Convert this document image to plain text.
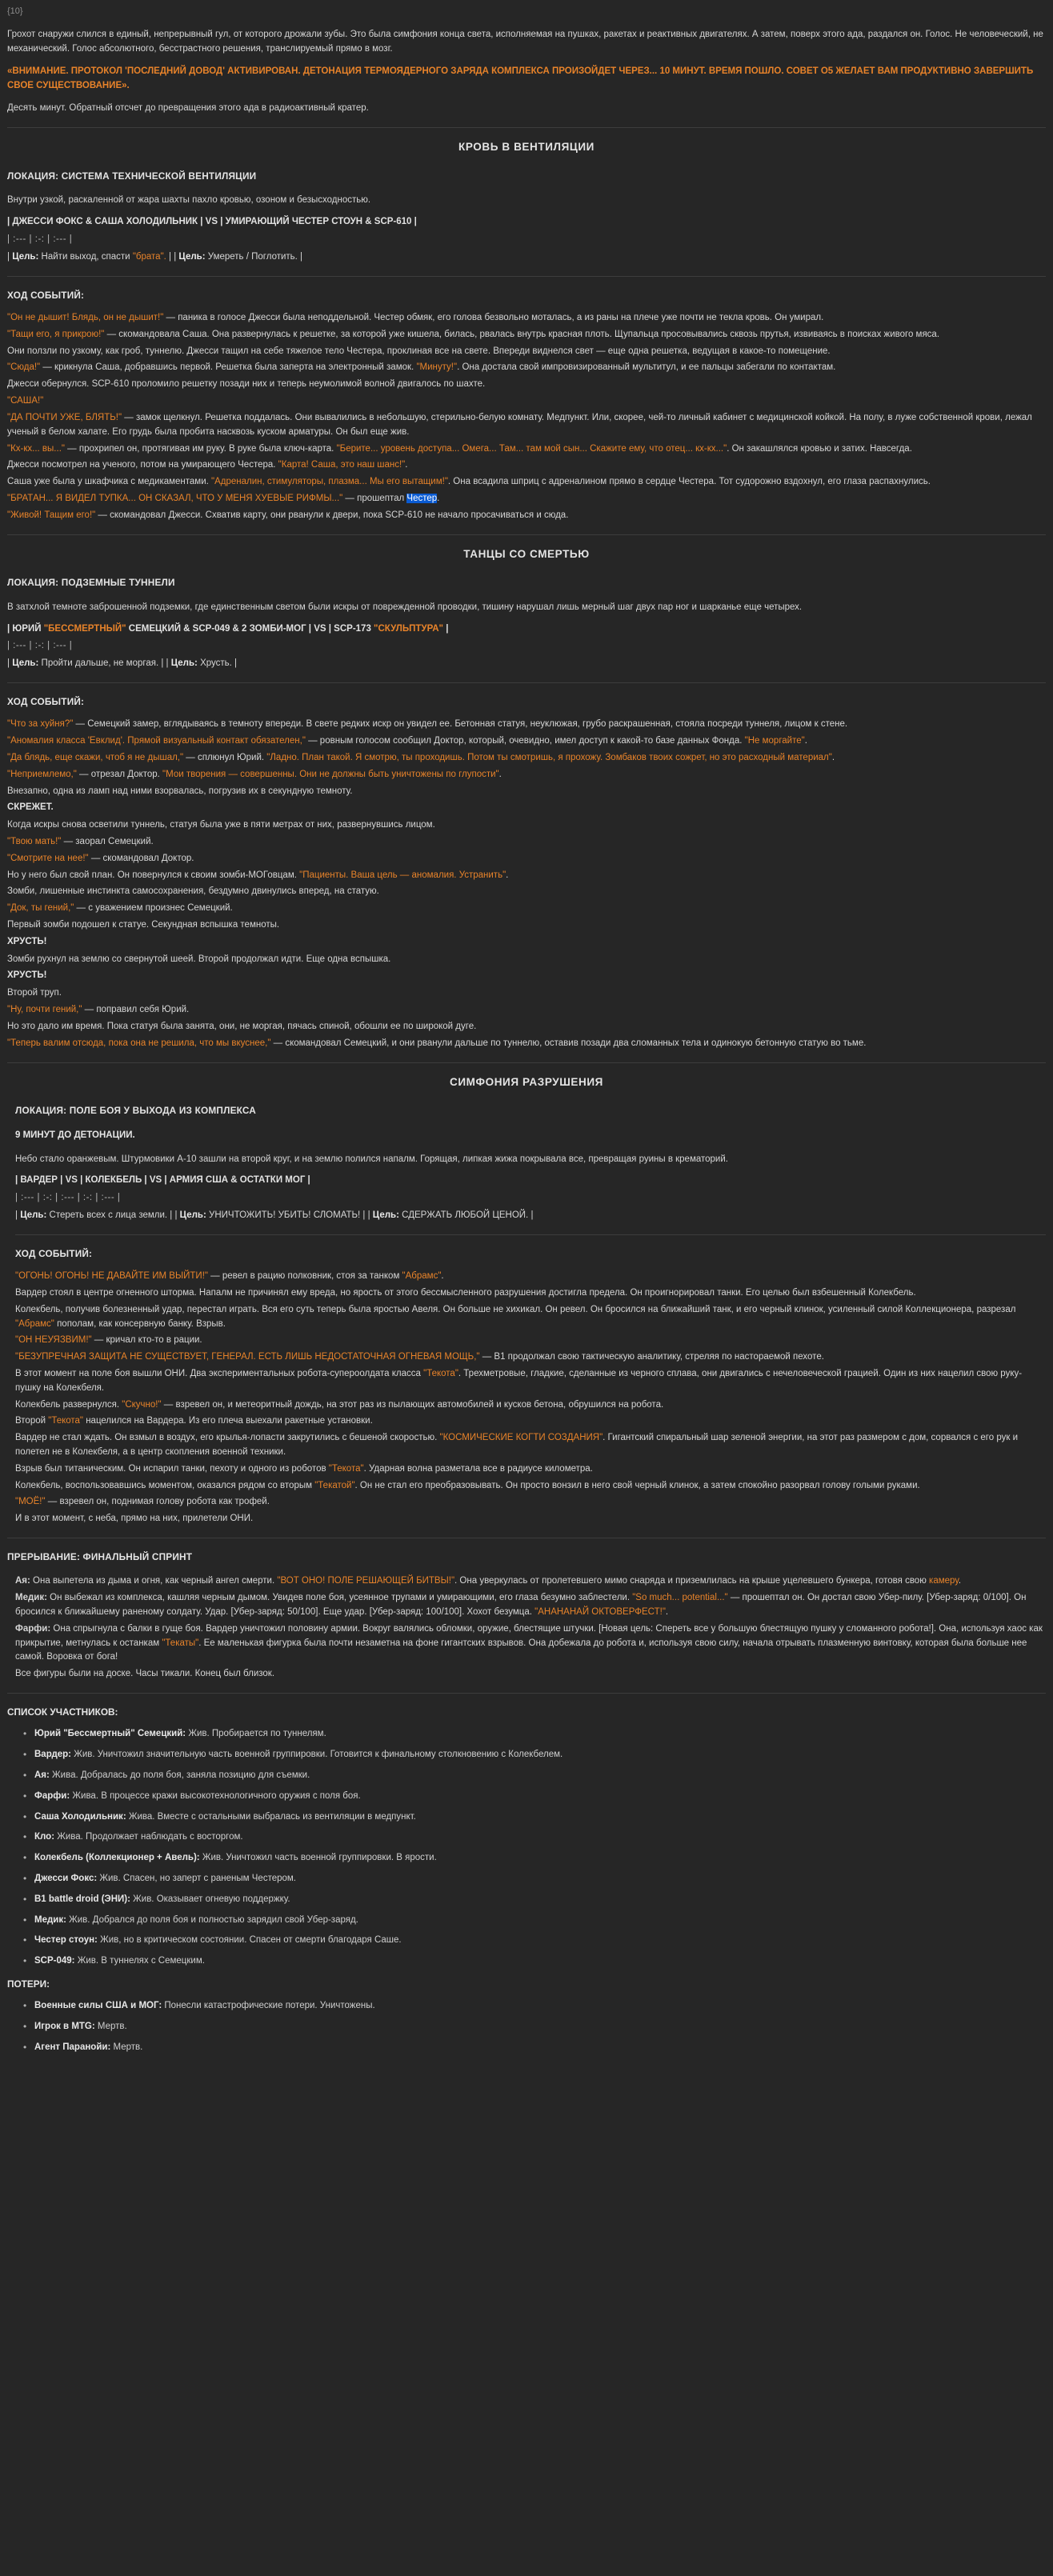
{10}

Грохот снаружи слился в единый, непрерывный гул, от которого дрожали зубы. Это была симфония конца света, исполняемая на пушках, ракетах и реактивных двигателях. А затем, поверх этого ада, раздался он. Голос. Не человеческий, не механический. Голос абсолютного, бесстрастного решения, транслируемый прямо в мозг.

«ВНИМАНИЕ. ПРОТОКОЛ 'ПОСЛЕДНИЙ ДОВОД' АКТИВИРОВАН. ДЕТОНАЦИЯ ТЕРМОЯДЕРНОГО ЗАРЯДА КОМПЛЕКСА ПРОИЗОЙДЕТ ЧЕРЕЗ... 10 МИНУТ. ВРЕМЯ ПОШЛО. СОВЕТ О5 ЖЕЛАЕТ ВАМ ПРОДУКТИВНО ЗАВЕРШИТЬ СВОЕ СУЩЕСТВОВАНИЕ».

Десять минут. Обратный отсчет до превращения этого ада в радиоактивный кратер.

КРОВЬ В ВЕНТИЛЯЦИИ
ЛОКАЦИЯ: СИСТЕМА ТЕХНИЧЕСКОЙ ВЕНТИЛЯЦИИ

Внутри узкой, раскаленной от жара шахты пахло кровью, озоном и безысходностью.

| ДЖЕССИ ФОКС & САША ХОЛОДИЛЬНИК | VS | УМИРАЮЩИЙ ЧЕСТЕР СТОУН & SCP-610 |

| :--- | :-: | :--- |

| Цель: Найти выход, спасти "брата". | | Цель: Умереть / Поглотить. |

ХОД СОБЫТИЙ:

"Он не дышит! Блядь, он не дышит!" — паника в голосе Джесси была неподдельной. Честер обмяк, его голова безвольно моталась, а из раны на плече уже почти не текла кровь. Он умирал.

"Тащи его, я прикрою!" — скомандовала Саша. Она развернулась к решетке, за которой уже кишела, билась, рвалась внутрь красная плоть. Щупальца просовывались сквозь прутья, извиваясь в поисках живого мяса.

Они ползли по узкому, как гроб, туннелю. Джесси тащил на себе тяжелое тело Честера, проклиная все на свете. Впереди виднелся свет — еще одна решетка, ведущая в какое-то помещение.

"Сюда!" — крикнула Саша, добравшись первой. Решетка была заперта на электронный замок. "Минуту!". Она достала свой импровизированный мультитул, и ее пальцы забегали по контактам.

Джесси обернулся. SCP-610 проломило решетку позади них и теперь неумолимой волной двигалось по шахте.

"САША!"

"ДА ПОЧТИ УЖЕ, БЛЯТЬ!" — замок щелкнул. Решетка поддалась. Они вывалились в небольшую, стерильно-белую комнату. Медпункт. Или, скорее, чей-то личный кабинет с медицинской койкой. На полу, в луже собственной крови, лежал ученый в белом халате. Его грудь была пробита насквозь куском арматуры. Он был еще жив.

"Кх-кх... вы..." — прохрипел он, протягивая им руку. В руке была ключ-карта. "Берите... уровень доступа... Омега... Там... там мой сын... Скажите ему, что отец... кх-кх...". Он закашлялся кровью и затих. Навсегда.

Джесси посмотрел на ученого, потом на умирающего Честера. "Карта! Саша, это наш шанс!".

Саша уже была у шкафчика с медикаментами. "Адреналин, стимуляторы, плазма... Мы его вытащим!". Она всадила шприц с адреналином прямо в сердце Честера. Тот судорожно вздохнул, его глаза распахнулись.

"БРАТАН... Я ВИДЕЛ ТУПКА... ОН СКАЗАЛ, ЧТО У МЕНЯ ХУЕВЫЕ РИФМЫ..." — прошептал Честер.

"Живой! Тащим его!" — скомандовал Джесси. Схватив карту, они рванули к двери, пока SCP-610 не начало просачиваться и сюда.

ТАНЦЫ СО СМЕРТЬЮ
ЛОКАЦИЯ: ПОДЗЕМНЫЕ ТУННЕЛИ

В затхлой темноте заброшенной подземки, где единственным светом были искры от поврежденной проводки, тишину нарушал лишь мерный шаг двух пар ног и шарканье еще четырех.

| ЮРИЙ "БЕССМЕРТНЫЙ" СЕМЕЦКИЙ & SCP-049 & 2 ЗОМБИ-МОГ | VS | SCP-173 "СКУЛЬПТУРА" |

| :--- | :-: | :--- |

| Цель: Пройти дальше, не моргая. | | Цель: Хрусть. |

ХОД СОБЫТИЙ:

"Что за хуйня?" — Семецкий замер, вглядываясь в темноту впереди. В свете редких искр он увидел ее. Бетонная статуя, неуклюжая, грубо раскрашенная, стояла посреди туннеля, лицом к стене.

"Аномалия класса 'Евклид'. Прямой визуальный контакт обязателен," — ровным голосом сообщил Доктор, который, очевидно, имел доступ к какой-то базе данных Фонда. "Не моргайте".

"Да блядь, еще скажи, чтоб я не дышал," — сплюнул Юрий. "Ладно. План такой. Я смотрю, ты проходишь. Потом ты смотришь, я прохожу. Зомбаков твоих сожрет, но это расходный материал".

"Неприемлемо," — отрезал Доктор. "Мои творения — совершенны. Они не должны быть уничтожены по глупости".

Внезапно, одна из ламп над ними взорвалась, погрузив их в секундную темноту.

СКРЕЖЕТ.

Когда искры снова осветили туннель, статуя была уже в пяти метрах от них, развернувшись лицом.

"Твою мать!" — заорал Семецкий.

"Смотрите на нее!" — скомандовал Доктор.

Но у него был свой план. Он повернулся к своим зомби-МОГовцам. "Пациенты. Ваша цель — аномалия. Устранить".

Зомби, лишенные инстинкта самосохранения, бездумно двинулись вперед, на статую.

"Док, ты гений," — с уважением произнес Семецкий.

Первый зомби подошел к статуе. Секундная вспышка темноты.

ХРУСТЬ!

Зомби рухнул на землю со свернутой шеей. Второй продолжал идти. Еще одна вспышка.

ХРУСТЬ!

Второй труп.

"Ну, почти гений," — поправил себя Юрий.

Но это дало им время. Пока статуя была занята, они, не моргая, пячась спиной, обошли ее по широкой дуге.

"Теперь валим отсюда, пока она не решила, что мы вкуснее," — скомандовал Семецкий, и они рванули дальше по туннелю, оставив позади два сломанных тела и одинокую бетонную статую во тьме.

СИМФОНИЯ РАЗРУШЕНИЯ
ЛОКАЦИЯ: ПОЛЕ БОЯ У ВЫХОДА ИЗ КОМПЛЕКСА

9 МИНУТ ДО ДЕТОНАЦИИ.

Небо стало оранжевым. Штурмовики А-10 зашли на второй круг, и на землю полился напалм. Горящая, липкая жижа покрывала все, превращая руины в крематорий.

| ВАРДЕР | VS | КОЛЕКБЕЛЬ | VS | АРМИЯ США & ОСТАТКИ МОГ |

| :--- | :-: | :--- | :-: | :--- |

| Цель: Стереть всех с лица земли. | | Цель: УНИЧТОЖИТЬ! УБИТЬ! СЛОМАТЬ! | | Цель: СДЕРЖАТЬ ЛЮБОЙ ЦЕНОЙ. |

ХОД СОБЫТИЙ:

"ОГОНЬ! ОГОНЬ! НЕ ДАВАЙТЕ ИМ ВЫЙТИ!" — ревел в рацию полковник, стоя за танком "Абрамс".

Вардер стоял в центре огненного шторма. Напалм не причинял ему вреда, но ярость от этого бессмысленного разрушения достигла предела. Он проигнорировал танки. Его целью был взбешенный Колекбель.

Колекбель, получив болезненный удар, перестал играть. Вся его суть теперь была яростью Авеля. Он больше не хихикал. Он ревел. Он бросился на ближайший танк, и его черный клинок, усиленный силой Коллекционера, разрезал "Абрамс" пополам, как консервную банку. Взрыв.

"ОН НЕУЯЗВИМ!" — кричал кто-то в рации.

"БЕЗУПРЕЧНАЯ ЗАЩИТА НЕ СУЩЕСТВУЕТ, ГЕНЕРАЛ. ЕСТЬ ЛИШЬ НЕДОСТАТОЧНАЯ ОГНЕВАЯ МОЩЬ," — В1 продолжал свою тактическую аналитику, стреляя по настораемой пехоте.

В этот момент на поле боя вышли ОНИ. Два экспериментальных робота-супероолдата класса "Текота". Трехметровые, гладкие, сделанные из черного сплава, они двигались с нечеловеческой грацией. Один из них нацелил свою руку-пушку на Колекбеля.

Колекбель развернулся. "Скучно!" — взревел он, и метеоритный дождь, на этот раз из пылающих автомобилей и кусков бетона, обрушился на робота.

Второй "Текота" нацелился на Вардера. Из его плеча выехали ракетные установки.

Вардер не стал ждать. Он взмыл в воздух, его крылья-лопасти закрутились с бешеной скоростью. "КОСМИЧЕСКИЕ КОГТИ СОЗДАНИЯ". Гигантский спиральный шар зеленой энергии, на этот раз размером с дом, сорвался с его рук и полетел не в Колекбеля, а в центр скопления военной техники.

Взрыв был титаническим. Он испарил танки, пехоту и одного из роботов "Текота". Ударная волна разметала все в радиусе километра.

Колекбель, воспользовавшись моментом, оказался рядом со вторым "Текатой". Он не стал его преобразовывать. Он просто вонзил в него свой черный клинок, а затем спокойно разорвал голову голыми руками.

"МОЁ!" — взревел он, поднимая голову робота как трофей.

И в этот момент, с неба, прямо на них, прилетели ОНИ.

ПРЕРЫВАНИЕ: ФИНАЛЬНЫЙ СПРИНТ

Ая: Она выпетела из дыма и огня, как черный ангел смерти. "ВОТ ОНО! ПОЛЕ РЕШАЮЩЕЙ БИТВЫ!". Она уверкулась от пролетевшего мимо снаряда и приземлилась на крыше уцелевшего бункера, готовя свою камеру.

Медик: Он выбежал из комплекса, кашляя черным дымом. Увидев поле боя, усеянное трупами и умирающими, его глаза безумно заблестели. "So much... potential..." — прошептал он. Он достал свою Убер-пилу. [Убер-заряд: 0/100]. Он бросился к ближайшему раненому солдату. Удар. [Убер-заряд: 50/100]. Еще удар. [Убер-заряд: 100/100]. Хохот безумца. "АНАНАНАЙ ОКТОВЕРФЕСТ!".

Фарфи: Она спрыгнула с балки в гуще боя. Вардер уничтожил половину армии. Вокруг валялись обломки, оружие, блестящие штучки. [Новая цель: Спереть все у большую блестящую пушку у сломанного робота!]. Она, используя хаос как прикрытие, метнулась к останкам "Текаты". Ее маленькая фигурка была почти незаметна на фоне гигантских взрывов. Она добежала до робота и, используя свою силу, начала отрывать плазменную винтовку, которая была больше нее самой. Воровка от бога!

Все фигуры были на доске. Часы тикали. Конец был близок.

СПИСОК УЧАСТНИКОВ:
• Юрий "Бессмертный" Семецкий: Жив. Пробирается по туннелям.
• Вардер: Жив. Уничтожил значительную часть военной группировки. Готовится к финальному столкновению с Колекбелем.
• Ая: Жива. Добралась до поля боя, заняла позицию для съемки.
• Фарфи: Жива. В процессе кражи высокотехнологичного оружия с поля боя.
• Саша Холодильник: Жива. Вместе с остальными выбралась из вентиляции в медпункт.
• Кло: Жива. Продолжает наблюдать с восторгом.
• Колекбель (Коллекционер + Авель): Жив. Уничтожил часть военной группировки. В ярости.
• Джесси Фокс: Жив. Спасен, но заперт с раненым Честером.
• B1 battle droid (ЭНИ): Жив. Оказывает огневую поддержку.
• Медик: Жив. Добрался до поля боя и полностью зарядил свой Убер-заряд.
• Честер стоун: Жив, но в критическом состоянии. Спасен от смерти благодаря Саше.
• SCP-049: Жив. В туннелях с Семецким.
ПОТЕРИ:
• Военные силы США и МОГ: Понесли катастрофические потери. Уничтожены.
• Игрок в MTG: Мертв.
• Агент Паранойи: Мертв.
